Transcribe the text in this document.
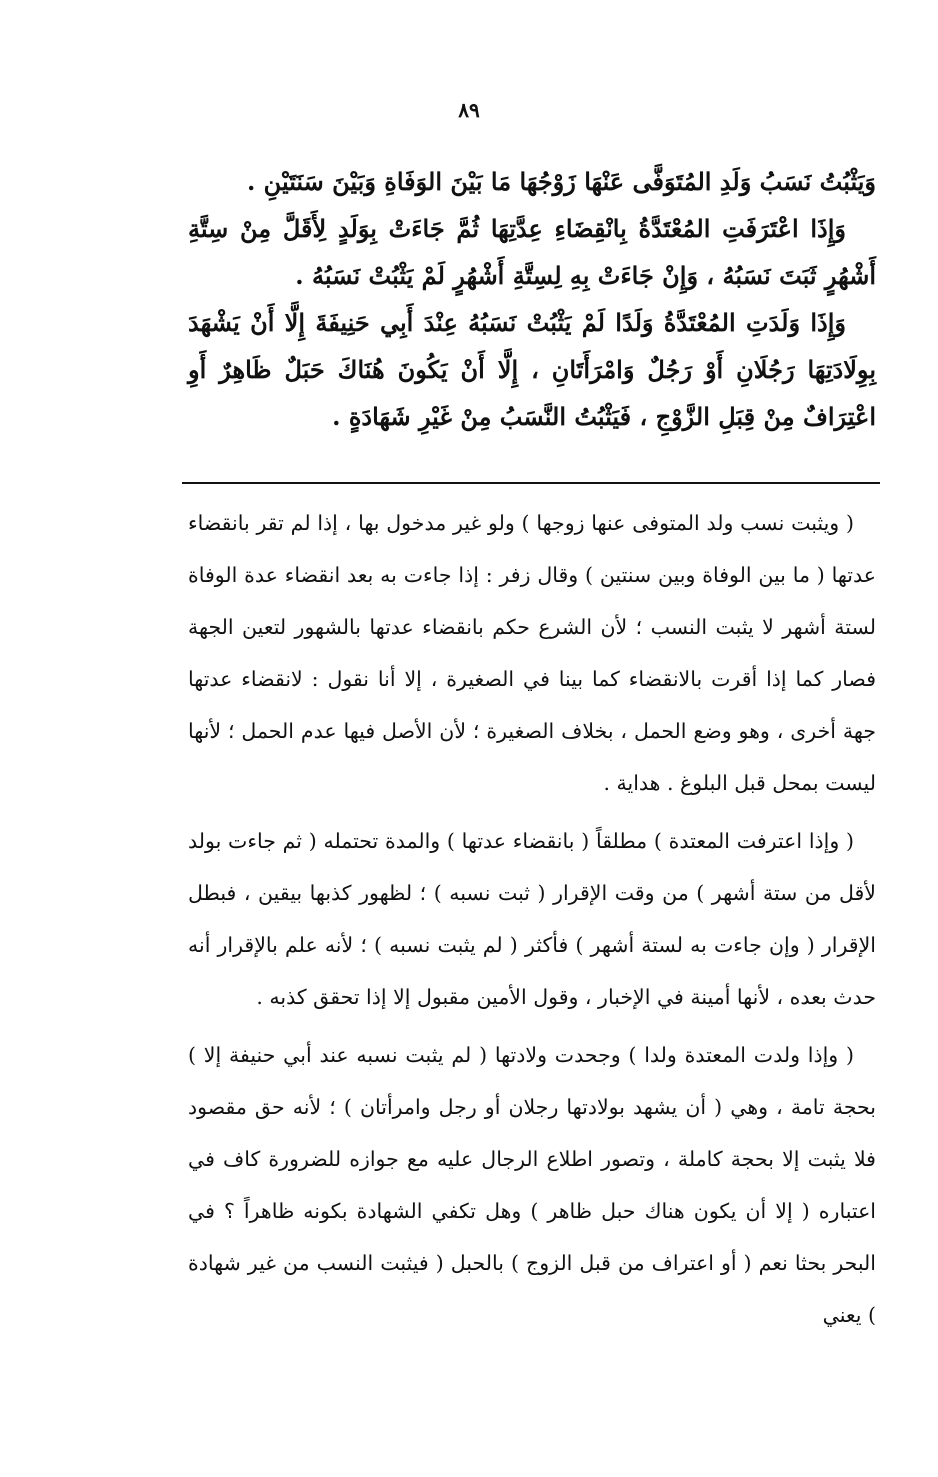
٨٩

وَيَثْبُتُ نَسَبُ وَلَدِ المُتَوَفَّى عَنْهَا زَوْجُهَا مَا بَيْنَ الوَفَاةِ وَبَيْنَ سَنَتَيْنِ .

وَإِذَا اعْتَرَفَتِ المُعْتَدَّةُ بِانْقِضَاءِ عِدَّتِهَا ثُمَّ جَاءَتْ بِوَلَدٍ لِأَقَلَّ مِنْ سِتَّةِ أَشْهُرٍ ثَبَتَ نَسَبُهُ ، وَإِنْ جَاءَتْ بِهِ لِسِتَّةِ أَشْهُرٍ لَمْ يَثْبُتْ نَسَبُهُ .

وَإِذَا وَلَدَتِ المُعْتَدَّةُ وَلَدًا لَمْ يَثْبُتْ نَسَبُهُ عِنْدَ أَبِي حَنِيفَةَ إِلَّا أَنْ يَشْهَدَ بِوِلَادَتِهَا رَجُلَانِ أَوْ رَجُلٌ وَامْرَأَتَانِ ، إِلَّا أَنْ يَكُونَ هُنَاكَ حَبَلٌ ظَاهِرٌ أَوِ اعْتِرَافٌ مِنْ قِبَلِ الزَّوْجِ ، فَيَثْبُتُ النَّسَبُ مِنْ غَيْرِ شَهَادَةٍ .

( ويثبت نسب ولد المتوفى عنها زوجها ) ولو غير مدخول بها ، إذا لم تقر بانقضاء عدتها ( ما بين الوفاة وبين سنتين ) وقال زفر : إذا جاءت به بعد انقضاء عدة الوفاة لستة أشهر لا يثبت النسب ؛ لأن الشرع حكم بانقضاء عدتها بالشهور لتعين الجهة فصار كما إذا أقرت بالانقضاء كما بينا في الصغيرة ، إلا أنا نقول : لانقضاء عدتها جهة أخرى ، وهو وضع الحمل ، بخلاف الصغيرة ؛ لأن الأصل فيها عدم الحمل ؛ لأنها ليست بمحل قبل البلوغ . هداية .

( وإذا اعترفت المعتدة ) مطلقاً ( بانقضاء عدتها ) والمدة تحتمله ( ثم جاءت بولد لأقل من ستة أشهر ) من وقت الإقرار ( ثبت نسبه ) ؛ لظهور كذبها بيقين ، فبطل الإقرار ( وإن جاءت به لستة أشهر ) فأكثر ( لم يثبت نسبه ) ؛ لأنه علم بالإقرار أنه حدث بعده ، لأنها أمينة في الإخبار ، وقول الأمين مقبول إلا إذا تحقق كذبه .

( وإذا ولدت المعتدة ولدا ) وجحدت ولادتها ( لم يثبت نسبه عند أبي حنيفة إلا ) بحجة تامة ، وهي ( أن يشهد بولادتها رجلان أو رجل وامرأتان ) ؛ لأنه حق مقصود فلا يثبت إلا بحجة كاملة ، وتصور اطلاع الرجال عليه مع جوازه للضرورة كاف في اعتباره ( إلا أن يكون هناك حبل ظاهر ) وهل تكفي الشهادة بكونه ظاهراً ؟ في البحر بحثا نعم ( أو اعتراف من قبل الزوج ) بالحبل ( فيثبت النسب من غير شهادة ) يعني
